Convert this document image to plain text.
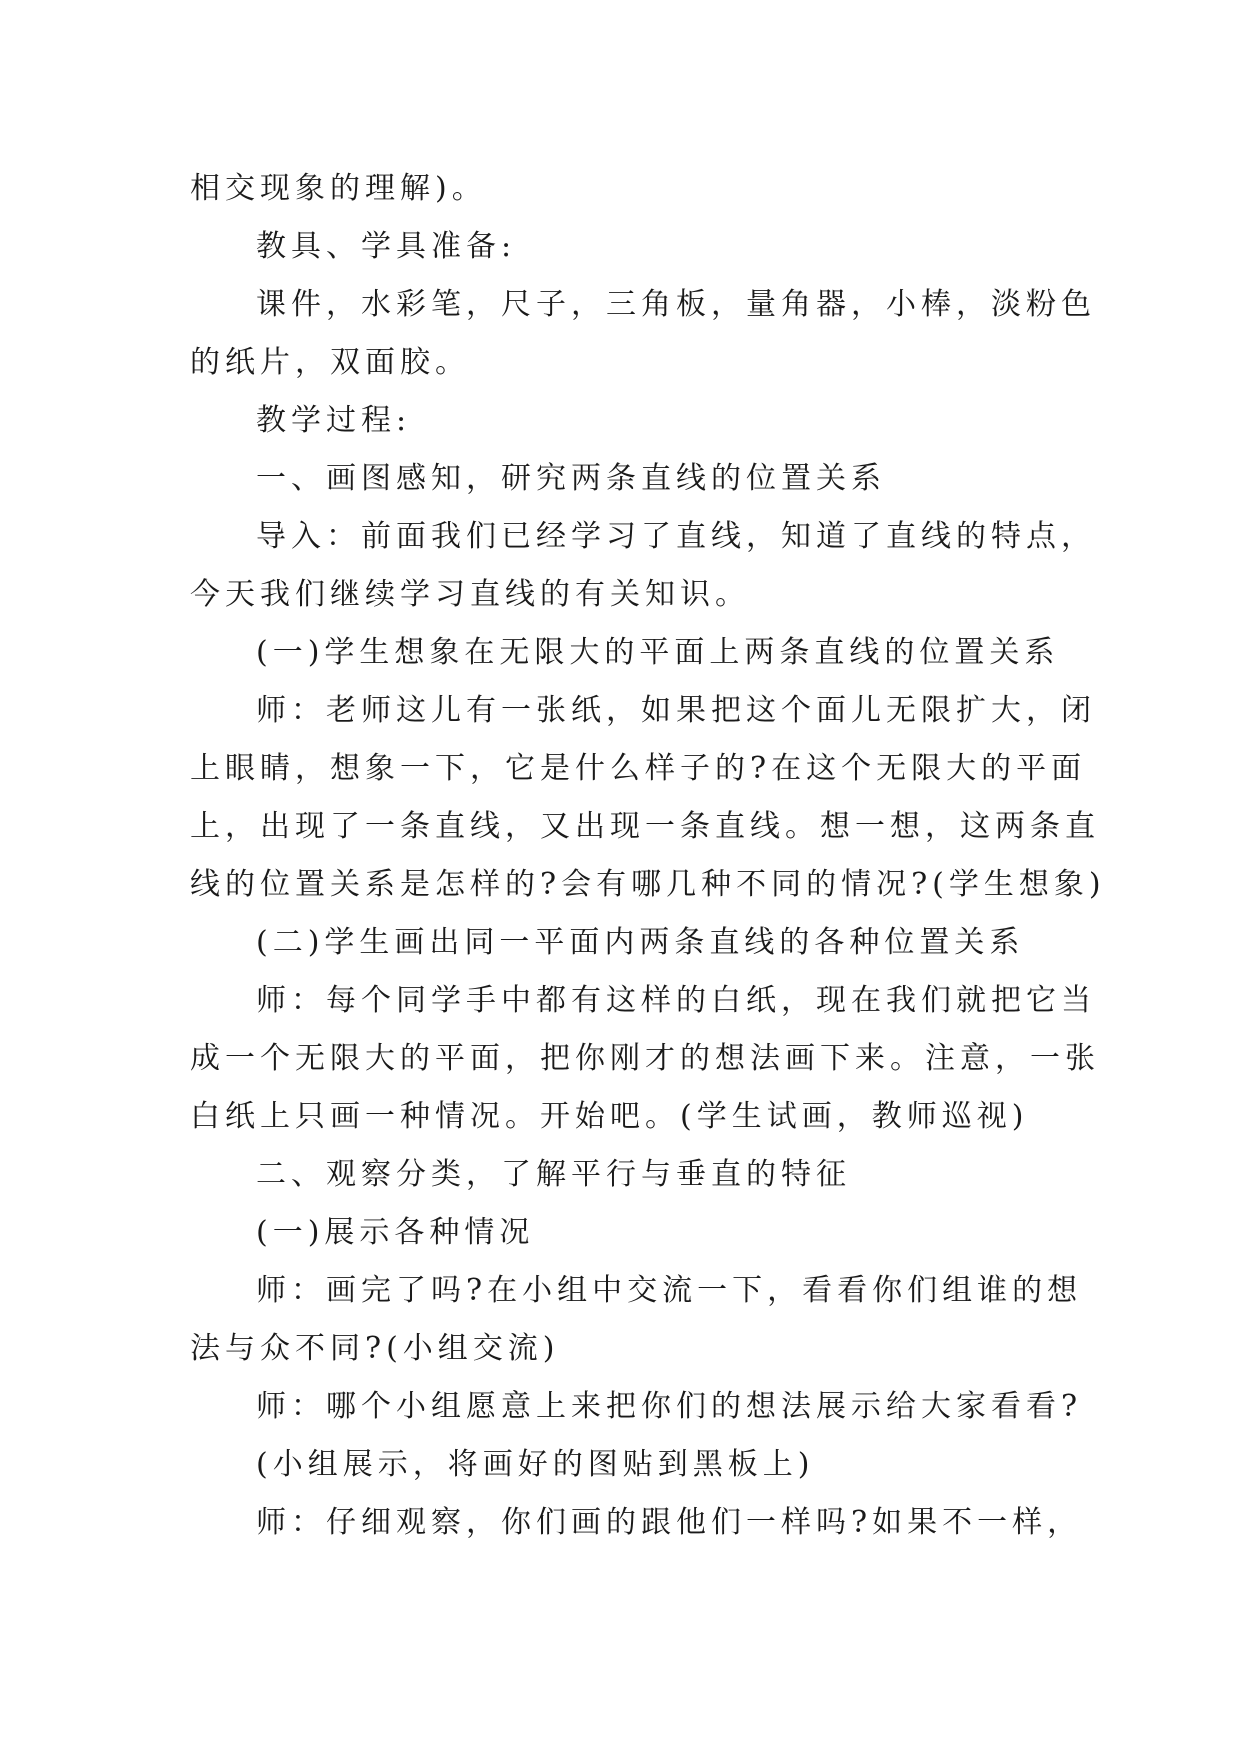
相交现象的理解)。
教具、学具准备:
课件，水彩笔，尺子，三角板，量角器，小棒，淡粉色
的纸片，双面胶。
教学过程:
一、画图感知，研究两条直线的位置关系
导入：前面我们已经学习了直线，知道了直线的特点，
今天我们继续学习直线的有关知识。
(一)学生想象在无限大的平面上两条直线的位置关系
师：老师这儿有一张纸，如果把这个面儿无限扩大，闭
上眼睛，想象一下，它是什么样子的?在这个无限大的平面
上，出现了一条直线，又出现一条直线。想一想，这两条直
线的位置关系是怎样的?会有哪几种不同的情况?(学生想象)
(二)学生画出同一平面内两条直线的各种位置关系
师：每个同学手中都有这样的白纸，现在我们就把它当
成一个无限大的平面，把你刚才的想法画下来。注意，一张
白纸上只画一种情况。开始吧。(学生试画，教师巡视)
二、观察分类，了解平行与垂直的特征
(一)展示各种情况
师：画完了吗?在小组中交流一下，看看你们组谁的想
法与众不同?(小组交流)
师：哪个小组愿意上来把你们的想法展示给大家看看?
(小组展示，将画好的图贴到黑板上)
师：仔细观察，你们画的跟他们一样吗?如果不一样，
